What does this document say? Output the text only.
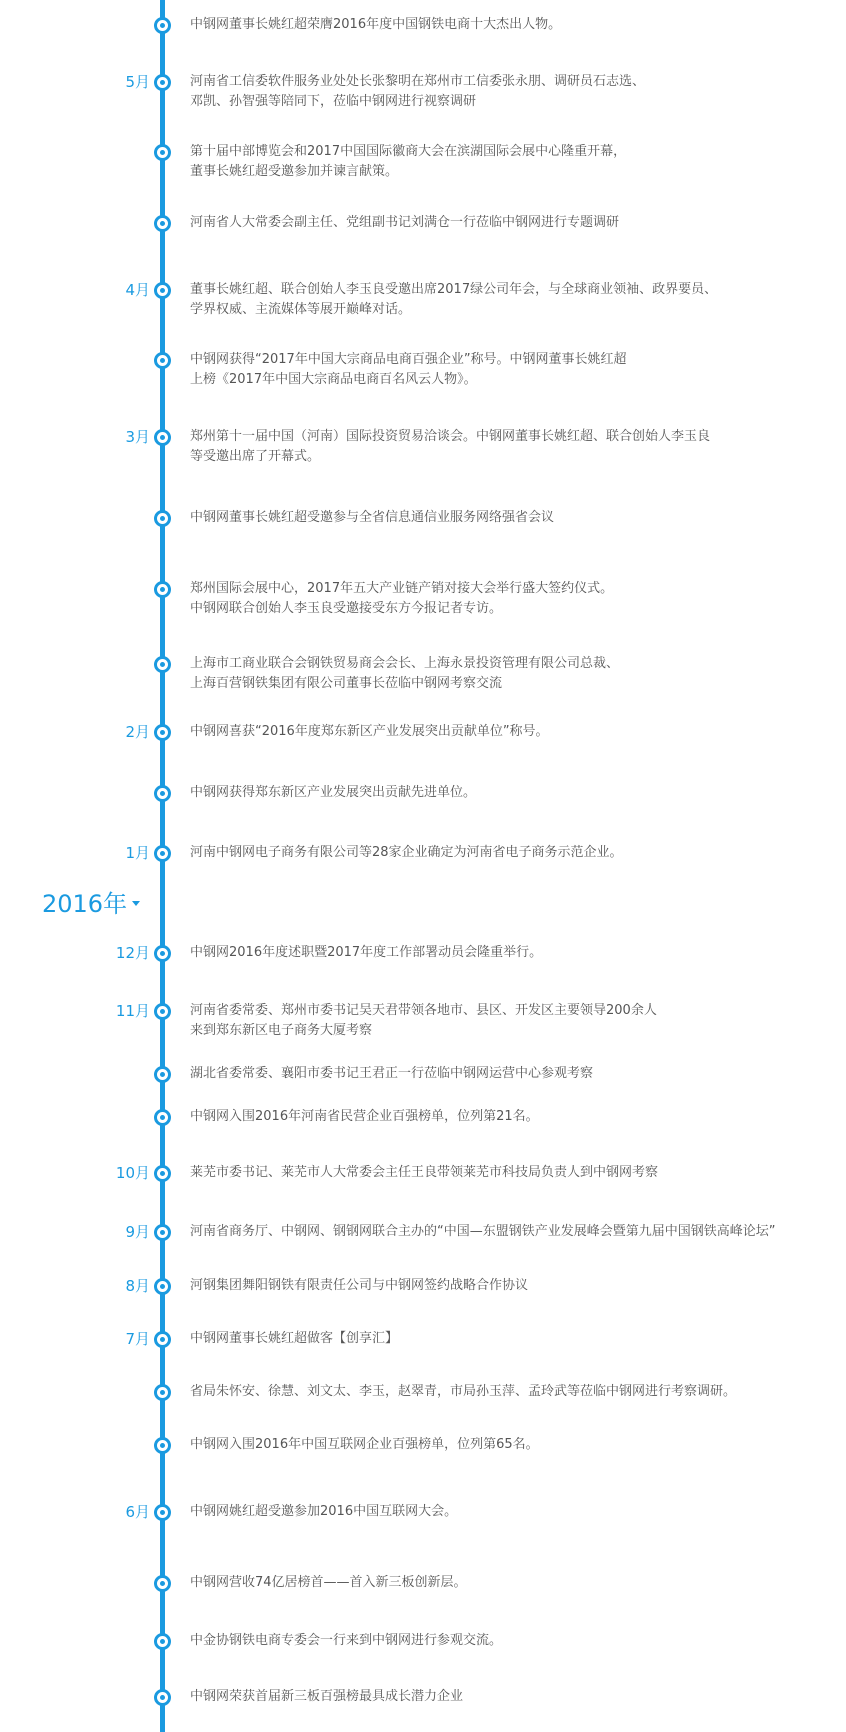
2016年
中钢网董事长姚红超荣膺2016年度中国钢铁电商十大杰出人物。
5月	河南省工信委软件服务业处处长张黎明在郑州市工信委张永朋、调研员石志选、
邓凯、孙智强等陪同下，莅临中钢网进行视察调研
第十届中部博览会和2017中国国际徽商大会在滨湖国际会展中心隆重开幕，
董事长姚红超受邀参加并谏言献策。
河南省人大常委会副主任、党组副书记刘满仓一行莅临中钢网进行专题调研
4月	董事长姚红超、联合创始人李玉良受邀出席2017绿公司年会，与全球商业领袖、政界要员、
学界权威、主流媒体等展开巅峰对话。
中钢网获得“2017年中国大宗商品电商百强企业”称号。中钢网董事长姚红超
上榜《2017年中国大宗商品电商百名风云人物》。
3月	郑州第十一届中国（河南）国际投资贸易洽谈会。中钢网董事长姚红超、联合创始人李玉良
等受邀出席了开幕式。
中钢网董事长姚红超受邀参与全省信息通信业服务网络强省会议
郑州国际会展中心，2017年五大产业链产销对接大会举行盛大签约仪式。
中钢网联合创始人李玉良受邀接受东方今报记者专访。
上海市工商业联合会钢铁贸易商会会长、上海永景投资管理有限公司总裁、
上海百营钢铁集团有限公司董事长莅临中钢网考察交流
2月	中钢网喜获“2016年度郑东新区产业发展突出贡献单位”称号。
中钢网获得郑东新区产业发展突出贡献先进单位。
1月	河南中钢网电子商务有限公司等28家企业确定为河南省电子商务示范企业。
12月	中钢网2016年度述职暨2017年度工作部署动员会隆重举行。
11月	河南省委常委、郑州市委书记吴天君带领各地市、县区、开发区主要领导200余人
来到郑东新区电子商务大厦考察
湖北省委常委、襄阳市委书记王君正一行莅临中钢网运营中心参观考察
中钢网入围2016年河南省民营企业百强榜单，位列第21名。
10月	莱芜市委书记、莱芜市人大常委会主任王良带领莱芜市科技局负责人到中钢网考察
9月	河南省商务厅、中钢网、钢钢网联合主办的“中国—东盟钢铁产业发展峰会暨第九届中国钢铁高峰论坛”
8月	河钢集团舞阳钢铁有限责任公司与中钢网签约战略合作协议
7月	中钢网董事长姚红超做客【创享汇】
省局朱怀安、徐慧、刘文太、李玉，赵翠青，市局孙玉萍、孟玲武等莅临中钢网进行考察调研。
中钢网入围2016年中国互联网企业百强榜单，位列第65名。
6月	中钢网姚红超受邀参加2016中国互联网大会。
中钢网营收74亿居榜首——首入新三板创新层。
中金协钢铁电商专委会一行来到中钢网进行参观交流。
中钢网荣获首届新三板百强榜最具成长潜力企业
